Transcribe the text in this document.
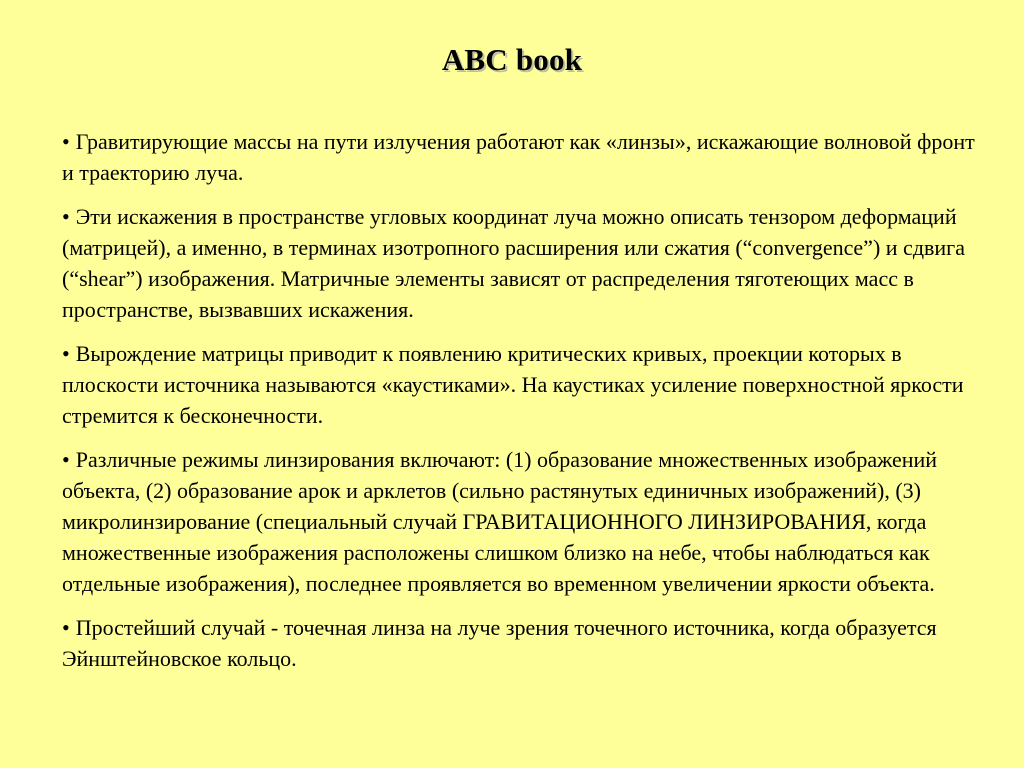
ABC book
• Гравитирующие массы на пути излучения работают как «линзы», искажающие волновой фронт и траекторию луча.
• Эти искажения в пространстве угловых координат луча можно описать тензором деформаций (матрицей), а именно, в терминах изотропного расширения или сжатия (“convergence”) и сдвига (“shear”) изображения. Матричные элементы зависят от распределения тяготеющих масс в пространстве, вызвавших искажения.
• Вырождение матрицы приводит к появлению критических кривых, проекции которых в плоскости источника называются «каустиками». На каустиках усиление поверхностной яркости стремится к бесконечности.
• Различные режимы линзирования включают: (1) образование множественных изображений объекта, (2) образование арок и арклетов (сильно растянутых единичных изображений), (3) микролинзирование (специальный случай ГРАВИТАЦИОННОГО ЛИНЗИРОВАНИЯ, когда множественные изображения расположены слишком близко на небе, чтобы наблюдаться как отдельные изображения), последнее проявляется во временном увеличении яркости объекта.
• Простейший случай - точечная линза на луче зрения точечного источника, когда образуется Эйнштейновское кольцо.
